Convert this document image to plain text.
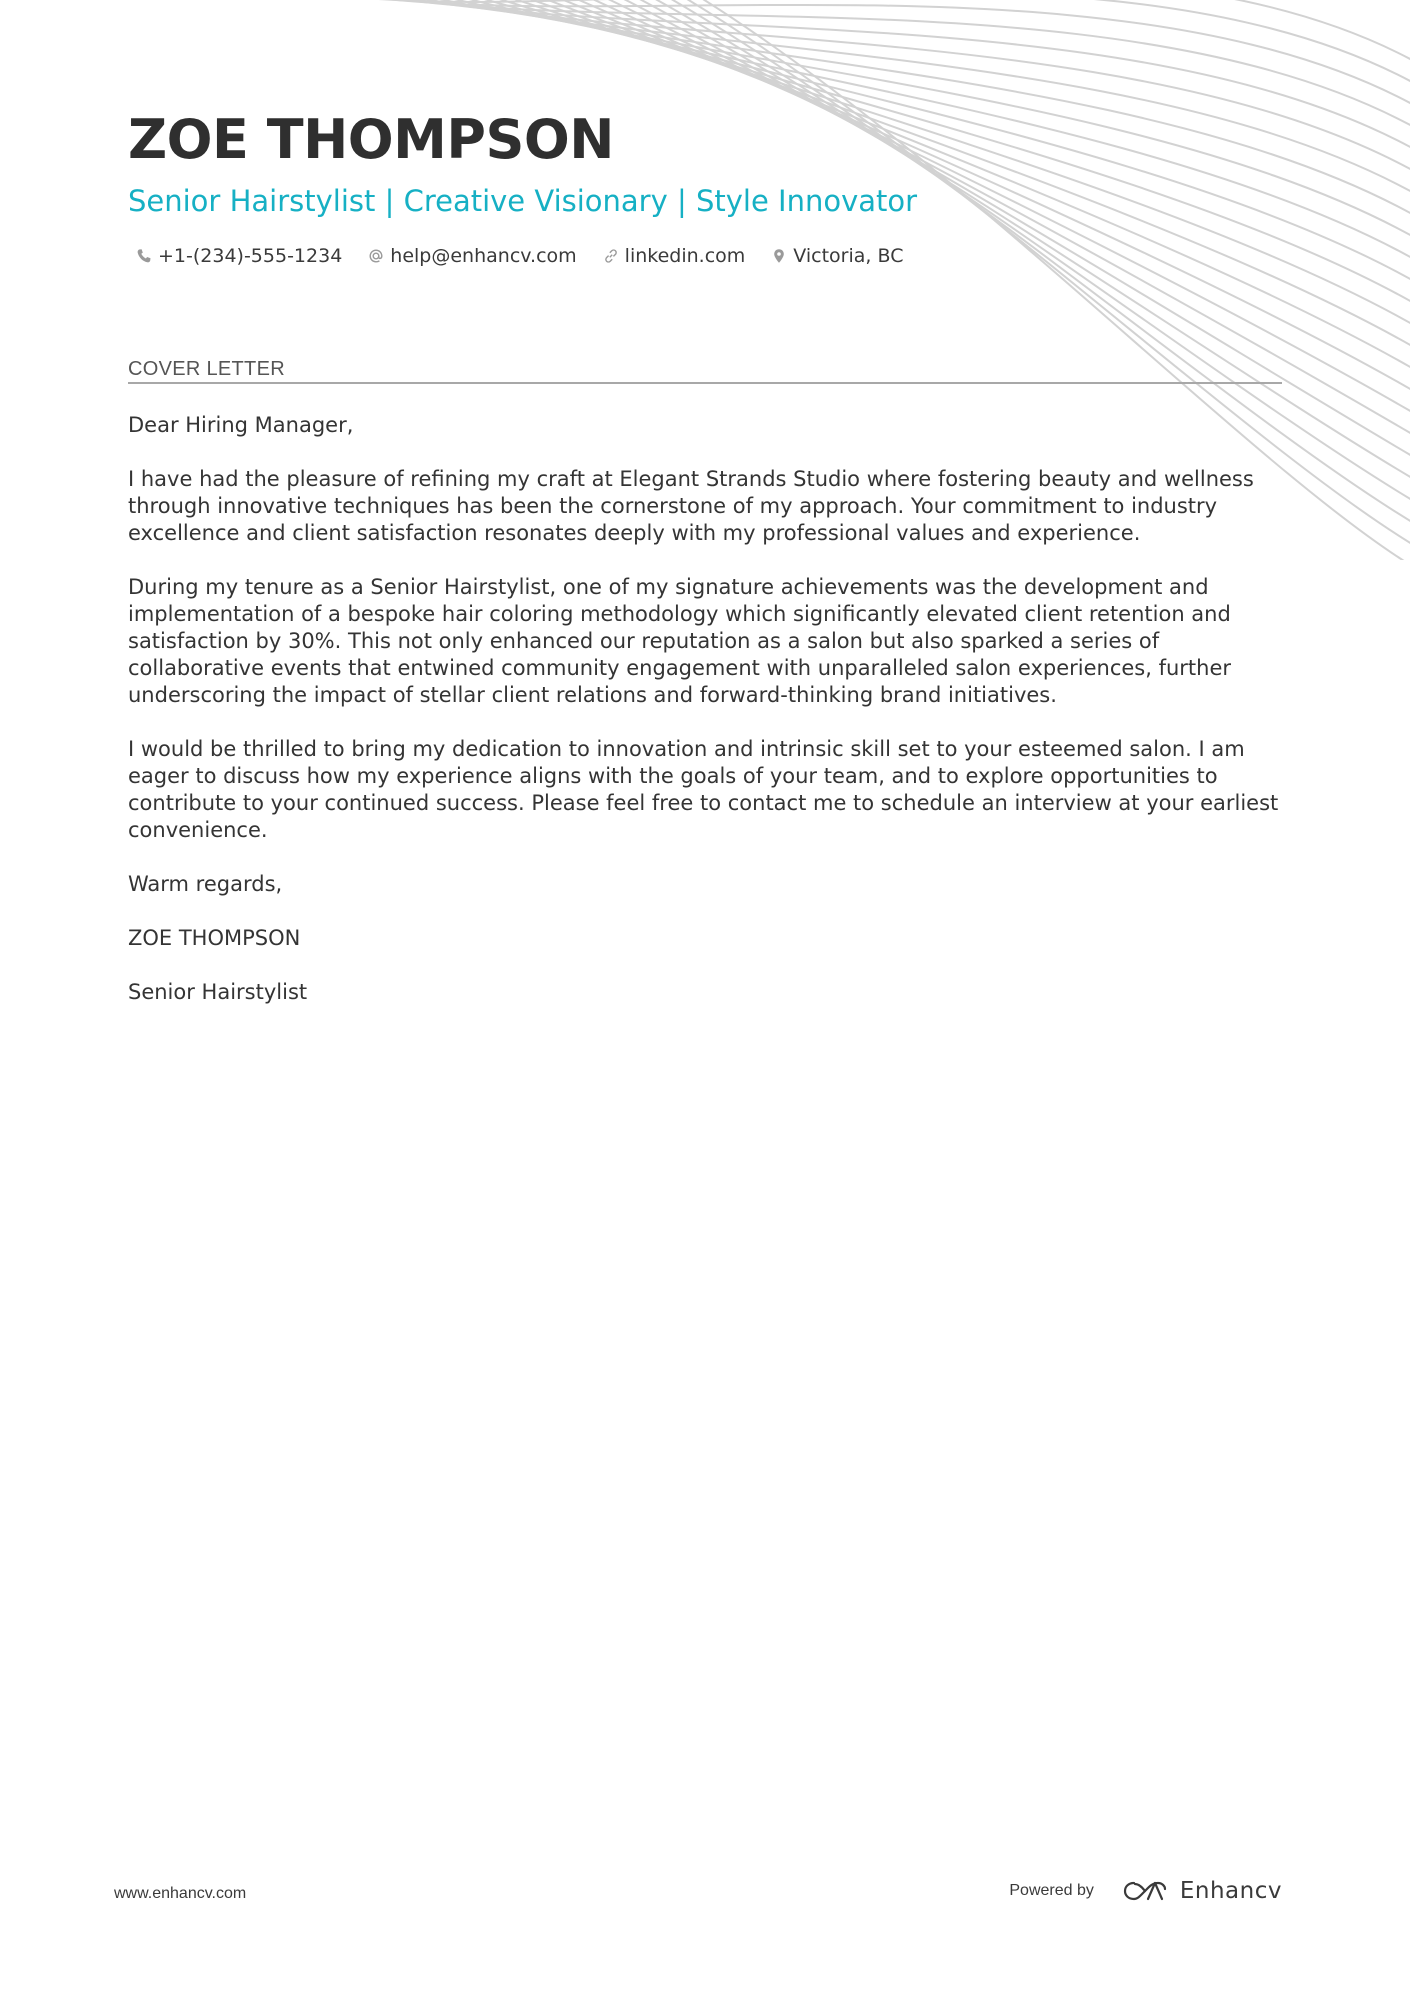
ZOE THOMPSON
Senior Hairstylist | Creative Visionary | Style Innovator
+1-(234)-555-1234	help@enhancv.com	linkedin.com	Victoria, BC
COVER LETTER

Dear Hiring Manager,

I have had the pleasure of refining my craft at Elegant Strands Studio where fostering beauty and wellness through innovative techniques has been the cornerstone of my approach. Your commitment to industry excellence and client satisfaction resonates deeply with my professional values and experience.

During my tenure as a Senior Hairstylist, one of my signature achievements was the development and implementation of a bespoke hair coloring methodology which significantly elevated client retention and satisfaction by 30%. This not only enhanced our reputation as a salon but also sparked a series of collaborative events that entwined community engagement with unparalleled salon experiences, further underscoring the impact of stellar client relations and forward-thinking brand initiatives.

I would be thrilled to bring my dedication to innovation and intrinsic skill set to your esteemed salon. I am eager to discuss how my experience aligns with the goals of your team, and to explore opportunities to contribute to your continued success. Please feel free to contact me to schedule an interview at your earliest convenience.

Warm regards,

ZOE THOMPSON

Senior Hairstylist

www.enhancv.com	Powered by	Enhancv
